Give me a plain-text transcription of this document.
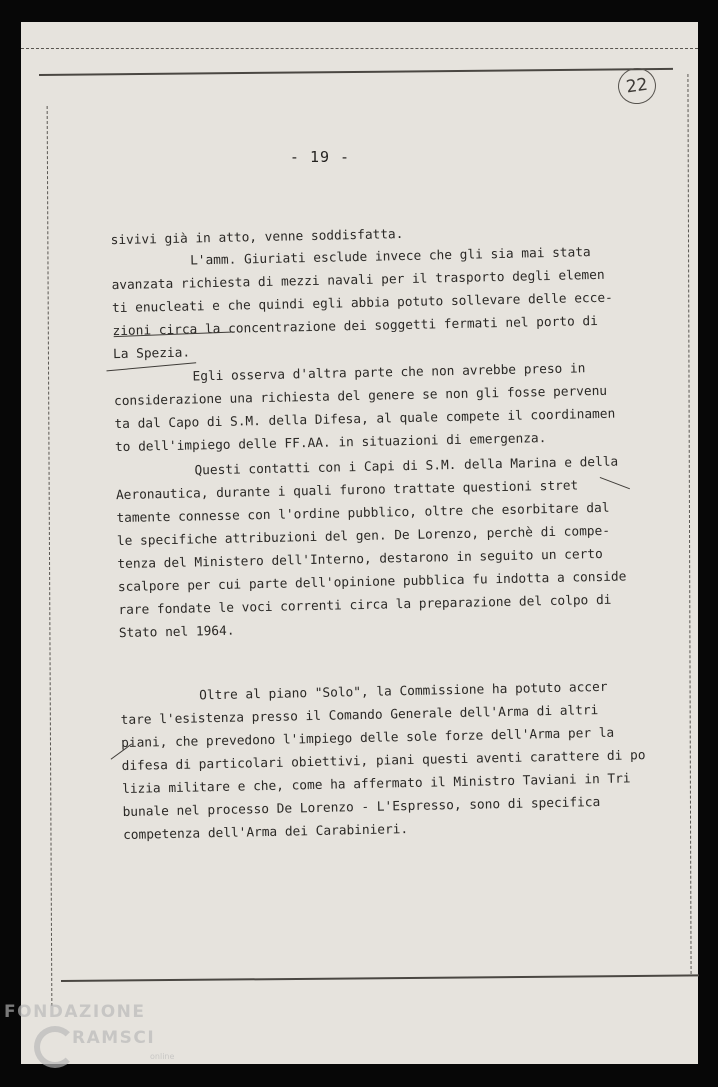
22
- 19 -
sivivi già in atto, venne soddisfatta.
L'amm. Giuriati esclude invece che gli sia mai stata
avanzata richiesta di mezzi navali per il trasporto degli elemen
ti enucleati e che quindi egli abbia potuto sollevare delle ecce-
zioni circa la concentrazione dei soggetti fermati nel porto di
La Spezia.
Egli osserva d'altra parte che non avrebbe preso in
considerazione una richiesta del genere se non gli fosse pervenu
ta dal Capo di S.M. della Difesa, al quale compete il coordinamen
to dell'impiego delle FF.AA. in situazioni di emergenza.
Questi contatti con i Capi di S.M. della Marina e della
Aeronautica, durante i quali furono trattate questioni stret
tamente connesse con l'ordine pubblico, oltre che esorbitare dal
le specifiche attribuzioni del gen. De Lorenzo, perchè di compe-
tenza del Ministero dell'Interno, destarono in seguito un certo
scalpore per cui parte dell'opinione pubblica fu indotta a conside
rare fondate le voci correnti circa la preparazione del colpo di
Stato nel 1964.
Oltre al piano "Solo", la Commissione ha potuto accer
tare l'esistenza presso il Comando Generale dell'Arma di altri
piani, che prevedono l'impiego delle sole forze dell'Arma per la
difesa di particolari obiettivi, piani questi aventi carattere di po
lizia militare e che, come ha affermato il Ministro Taviani in Tri
bunale nel processo De Lorenzo - L'Espresso, sono di specifica
competenza dell'Arma dei Carabinieri.
FONDAZIONE
RAMSCI
online
